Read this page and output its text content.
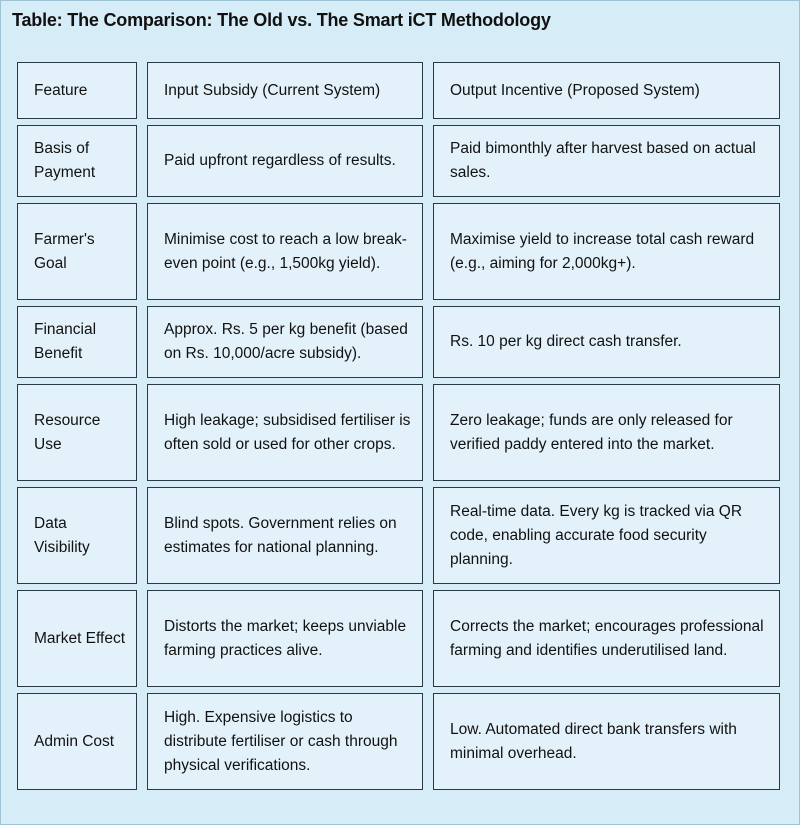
Table: The Comparison: The Old vs. The Smart iCT Methodology
Feature	Input Subsidy (Current System)	Output Incentive (Proposed System)
Basis of Payment
Paid upfront regardless of results.
Paid bimonthly after harvest based on actual sales.
Farmer's Goal
Minimise cost to reach a low break-even point (e.g., 1,500kg yield).
Maximise yield to increase total cash reward (e.g., aiming for 2,000kg+).
Financial Benefit
Approx. Rs. 5 per kg benefit (based on Rs. 10,000/acre subsidy).
Rs. 10 per kg direct cash transfer.
Resource Use
High leakage; subsidised fertiliser is often sold or used for other crops.
Zero leakage; funds are only released for verified paddy entered into the market.
Data Visibility
Blind spots. Government relies on estimates for national planning.
Real-time data. Every kg is tracked via QR code, enabling accurate food security planning.
Market Effect
Distorts the market; keeps unviable farming practices alive.
Corrects the market; encourages professional farming and identifies underutilised land.
Admin Cost
High. Expensive logistics to distribute fertiliser or cash through physical verifications.
Low. Automated direct bank transfers with minimal overhead.
